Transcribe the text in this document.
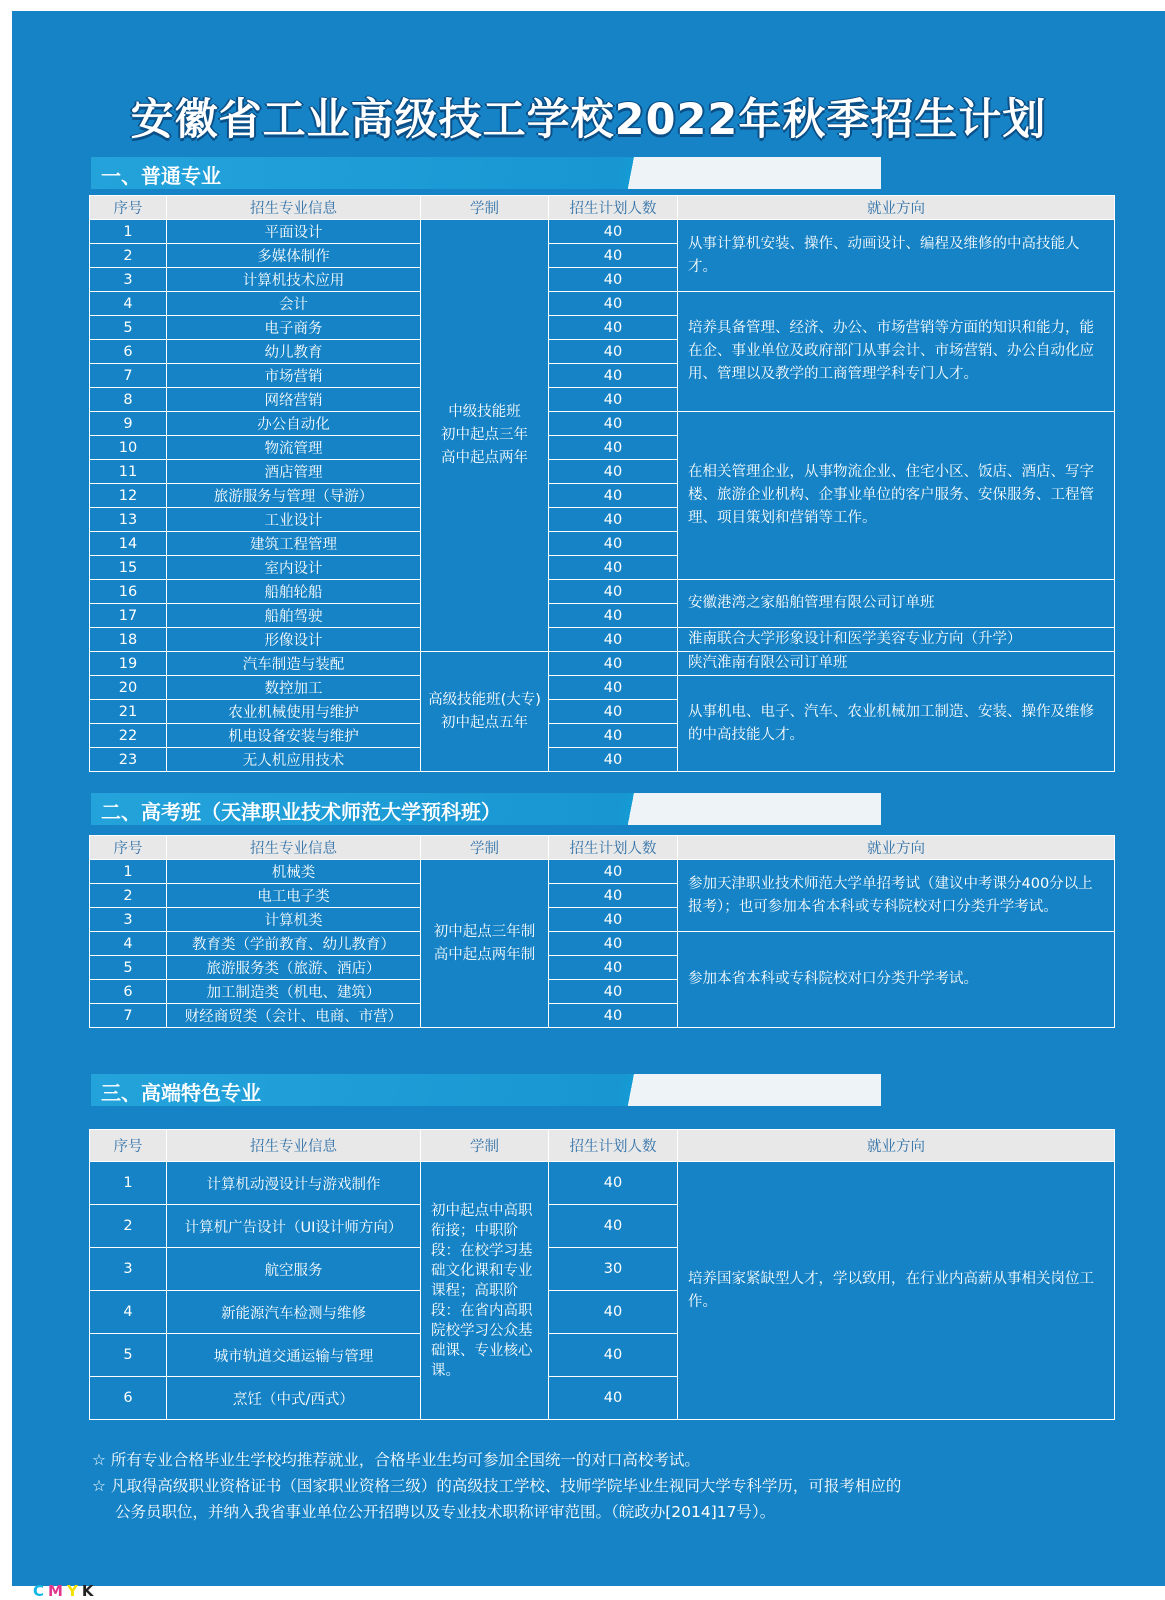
安徽省工业高级技工学校2022年秋季招生计划
一、普通专业
序号	招生专业信息	学制	招生计划人数	就业方向
1	平面设计	中级技能班
初中起点三年
高中起点两年	40	从事计算机安装、操作、动画设计、编程及维修的中高技能人才。
2	多媒体制作		40	
3	计算机技术应用		40	
4	会计		40	培养具备管理、经济、办公、市场营销等方面的知识和能力，能在企、事业单位及政府部门从事会计、市场营销、办公自动化应用、管理以及教学的工商管理学科专门人才。
5	电子商务		40	
6	幼儿教育		40	
7	市场营销		40	
8	网络营销		40	
9	办公自动化		40	在相关管理企业，从事物流企业、住宅小区、饭店、酒店、写字楼、旅游企业机构、企事业单位的客户服务、安保服务、工程管理、项目策划和营销等工作。
10	物流管理		40	
11	酒店管理		40	
12	旅游服务与管理（导游）		40	
13	工业设计		40	
14	建筑工程管理		40	
15	室内设计		40	
16	船舶轮船		40	安徽港湾之家船舶管理有限公司订单班
17	船舶驾驶		40	
18	形像设计		40	淮南联合大学形象设计和医学美容专业方向（升学）
19	汽车制造与装配	高级技能班(大专)
初中起点五年	40	陕汽淮南有限公司订单班
20	数控加工		40	从事机电、电子、汽车、农业机械加工制造、安装、操作及维修的中高技能人才。
21	农业机械使用与维护		40	
22	机电设备安装与维护		40	
23	无人机应用技术		40	
二、高考班（天津职业技术师范大学预科班）
序号	招生专业信息	学制	招生计划人数	就业方向
1	机械类	初中起点三年制
高中起点两年制	40	参加天津职业技术师范大学单招考试（建议中考课分400分以上报考）；也可参加本省本科或专科院校对口分类升学考试。
2	电工电子类		40	
3	计算机类		40	
4	教育类（学前教育、幼儿教育）		40	参加本省本科或专科院校对口分类升学考试。
5	旅游服务类（旅游、酒店）		40	
6	加工制造类（机电、建筑）		40	
7	财经商贸类（会计、电商、市营）		40	
三、高端特色专业
序号	招生专业信息	学制	招生计划人数	就业方向
1	计算机动漫设计与游戏制作	初中起点中高职衔接；中职阶段：在校学习基础文化课和专业课程；高职阶段：在省内高职院校学习公众基础课、专业核心课。	40	培养国家紧缺型人才，学以致用，在行业内高薪从事相关岗位工作。
2	计算机广告设计（UI设计师方向）		40	
3	航空服务		30	
4	新能源汽车检测与维修		40	
5	城市轨道交通运输与管理		40	
6	烹饪（中式/西式）		40	

☆ 所有专业合格毕业生学校均推荐就业，合格毕业生均可参加全国统一的对口高校考试。

☆ 凡取得高级职业资格证书（国家职业资格三级）的高级技工学校、技师学院毕业生视同大学专科学历，可报考相应的

公务员职位，并纳入我省事业单位公开招聘以及专业技术职称评审范围。（皖政办[2014]17号）。

CMYK
